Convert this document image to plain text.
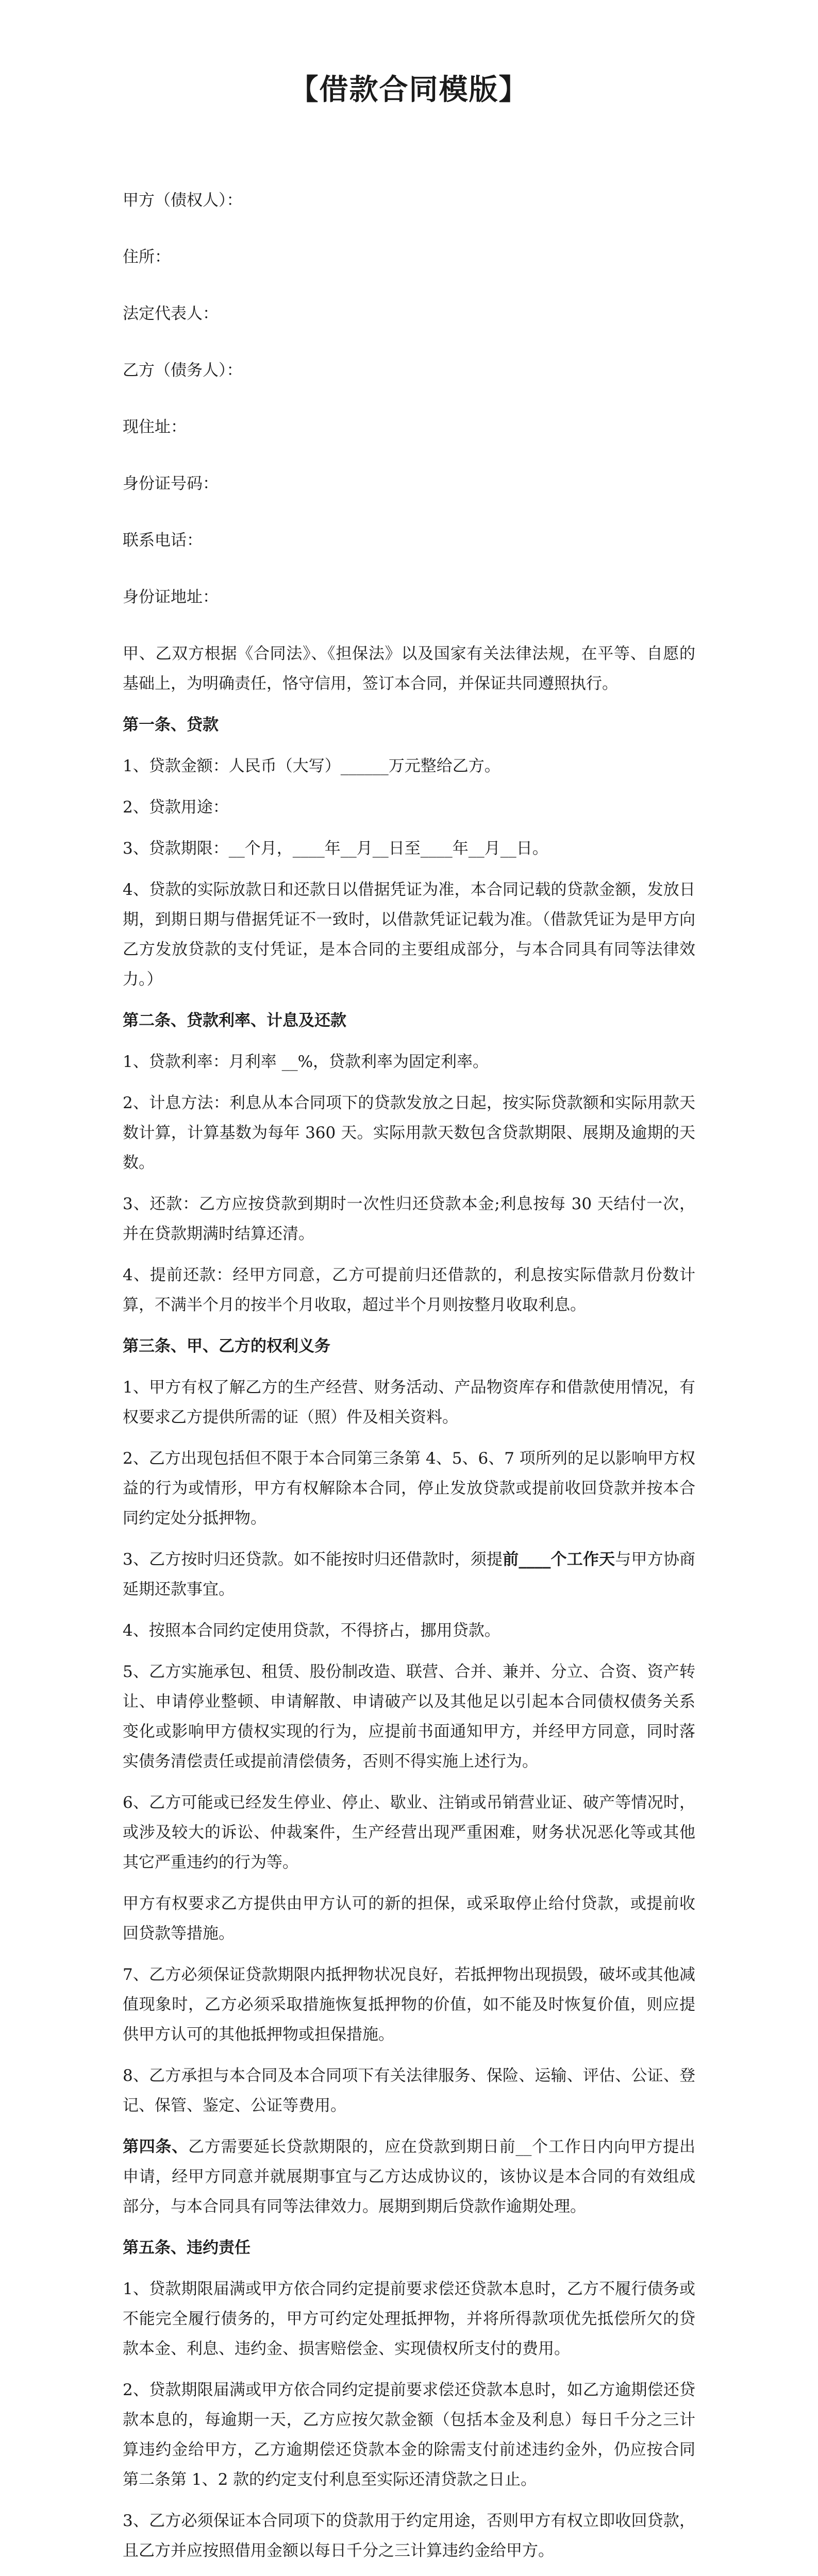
【借款合同模版】
甲方（债权人）：
住所：
法定代表人：
乙方（债务人）：
现住址：
身份证号码：
联系电话：
身份证地址：
甲、乙双方根据《合同法》、《担保法》以及国家有关法律法规，在平等、自愿的基础上，为明确责任，恪守信用，签订本合同，并保证共同遵照执行。
第一条、贷款
1、贷款金额：人民币（大写）______万元整给乙方。
2、贷款用途：
3、贷款期限：__个月，____年__月__日至____年__月__日。
4、贷款的实际放款日和还款日以借据凭证为准，本合同记载的贷款金额，发放日期，到期日期与借据凭证不一致时，以借款凭证记载为准。（借款凭证为是甲方向乙方发放贷款的支付凭证，是本合同的主要组成部分，与本合同具有同等法律效力。）
第二条、贷款利率、计息及还款
1、贷款利率：月利率 __%，贷款利率为固定利率。
2、计息方法：利息从本合同项下的贷款发放之日起，按实际贷款额和实际用款天数计算，计算基数为每年 360 天。实际用款天数包含贷款期限、展期及逾期的天数。
3、还款：乙方应按贷款到期时一次性归还贷款本金;利息按每 30 天结付一次，并在贷款期满时结算还清。
4、提前还款：经甲方同意，乙方可提前归还借款的，利息按实际借款月份数计算，不满半个月的按半个月收取，超过半个月则按整月收取利息。
第三条、甲、乙方的权利义务
1、甲方有权了解乙方的生产经营、财务活动、产品物资库存和借款使用情况，有权要求乙方提供所需的证（照）件及相关资料。
2、乙方出现包括但不限于本合同第三条第 4、5、6、7 项所列的足以影响甲方权益的行为或情形，甲方有权解除本合同，停止发放贷款或提前收回贷款并按本合同约定处分抵押物。
3、乙方按时归还贷款。如不能按时归还借款时，须提前____个工作天与甲方协商延期还款事宜。
4、按照本合同约定使用贷款，不得挤占，挪用贷款。
5、乙方实施承包、租赁、股份制改造、联营、合并、兼并、分立、合资、资产转让、申请停业整顿、申请解散、申请破产以及其他足以引起本合同债权债务关系变化或影响甲方债权实现的行为，应提前书面通知甲方，并经甲方同意，同时落实债务清偿责任或提前清偿债务，否则不得实施上述行为。
6、乙方可能或已经发生停业、停止、歇业、注销或吊销营业证、破产等情况时，或涉及较大的诉讼、仲裁案件，生产经营出现严重困难，财务状况恶化等或其他其它严重违约的行为等。
甲方有权要求乙方提供由甲方认可的新的担保，或采取停止给付贷款，或提前收回贷款等措施。
7、乙方必须保证贷款期限内抵押物状况良好，若抵押物出现损毁，破坏或其他减值现象时，乙方必须采取措施恢复抵押物的价值，如不能及时恢复价值，则应提供甲方认可的其他抵押物或担保措施。
8、乙方承担与本合同及本合同项下有关法律服务、保险、运输、评估、公证、登记、保管、鉴定、公证等费用。
第四条、乙方需要延长贷款期限的，应在贷款到期日前__个工作日内向甲方提出申请，经甲方同意并就展期事宜与乙方达成协议的，该协议是本合同的有效组成部分，与本合同具有同等法律效力。展期到期后贷款作逾期处理。
第五条、违约责任
1、贷款期限届满或甲方依合同约定提前要求偿还贷款本息时，乙方不履行债务或不能完全履行债务的，甲方可约定处理抵押物，并将所得款项优先抵偿所欠的贷款本金、利息、违约金、损害赔偿金、实现债权所支付的费用。
2、贷款期限届满或甲方依合同约定提前要求偿还贷款本息时，如乙方逾期偿还贷款本息的，每逾期一天，乙方应按欠款金额（包括本金及利息）每日千分之三计算违约金给甲方，乙方逾期偿还贷款本金的除需支付前述违约金外，仍应按合同第二条第 1、2 款的约定支付利息至实际还清贷款之日止。
3、乙方必须保证本合同项下的贷款用于约定用途，否则甲方有权立即收回贷款，且乙方并应按照借用金额以每日千分之三计算违约金给甲方。
